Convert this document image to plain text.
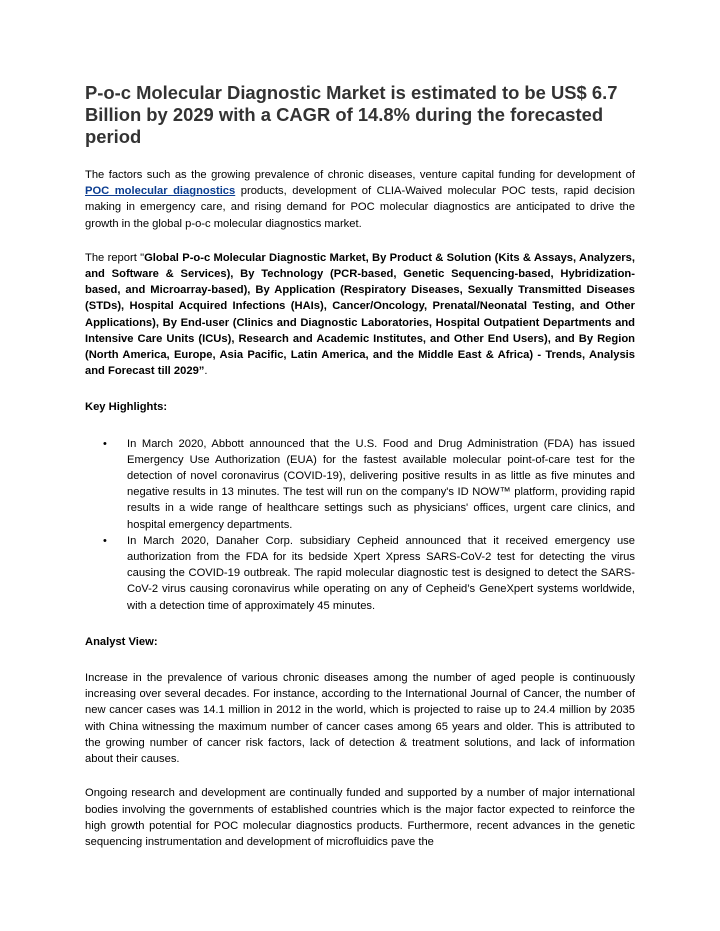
P-o-c Molecular Diagnostic Market is estimated to be US$ 6.7 Billion by 2029 with a CAGR of 14.8% during the forecasted period

The factors such as the growing prevalence of chronic diseases, venture capital funding for development of POC molecular diagnostics products, development of CLIA-Waived molecular POC tests, rapid decision making in emergency care, and rising demand for POC molecular diagnostics are anticipated to drive the growth in the global p-o-c molecular diagnostics market.

The report "Global P-o-c Molecular Diagnostic Market, By Product & Solution (Kits & Assays, Analyzers, and Software & Services), By Technology (PCR-based, Genetic Sequencing-based, Hybridization-based, and Microarray-based), By Application (Respiratory Diseases, Sexually Transmitted Diseases (STDs), Hospital Acquired Infections (HAIs), Cancer/Oncology, Prenatal/Neonatal Testing, and Other Applications), By End-user (Clinics and Diagnostic Laboratories, Hospital Outpatient Departments and Intensive Care Units (ICUs), Research and Academic Institutes, and Other End Users), and By Region (North America, Europe, Asia Pacific, Latin America, and the Middle East & Africa) - Trends, Analysis and Forecast till 2029”.

Key Highlights:

• In March 2020, Abbott announced that the U.S. Food and Drug Administration (FDA) has issued Emergency Use Authorization (EUA) for the fastest available molecular point-of-care test for the detection of novel coronavirus (COVID-19), delivering positive results in as little as five minutes and negative results in 13 minutes. The test will run on the company's ID NOW™ platform, providing rapid results in a wide range of healthcare settings such as physicians' offices, urgent care clinics, and hospital emergency departments.
• In March 2020, Danaher Corp. subsidiary Cepheid announced that it received emergency use authorization from the FDA for its bedside Xpert Xpress SARS-CoV-2 test for detecting the virus causing the COVID-19 outbreak. The rapid molecular diagnostic test is designed to detect the SARS-CoV-2 virus causing coronavirus while operating on any of Cepheid’s GeneXpert systems worldwide, with a detection time of approximately 45 minutes.

Analyst View:

Increase in the prevalence of various chronic diseases among the number of aged people is continuously increasing over several decades. For instance, according to the International Journal of Cancer, the number of new cancer cases was 14.1 million in 2012 in the world, which is projected to raise up to 24.4 million by 2035 with China witnessing the maximum number of cancer cases among 65 years and older. This is attributed to the growing number of cancer risk factors, lack of detection & treatment solutions, and lack of information about their causes.

Ongoing research and development are continually funded and supported by a number of major international bodies involving the governments of established countries which is the major factor expected to reinforce the high growth potential for POC molecular diagnostics products. Furthermore, recent advances in the genetic sequencing instrumentation and development of microfluidics pave the
